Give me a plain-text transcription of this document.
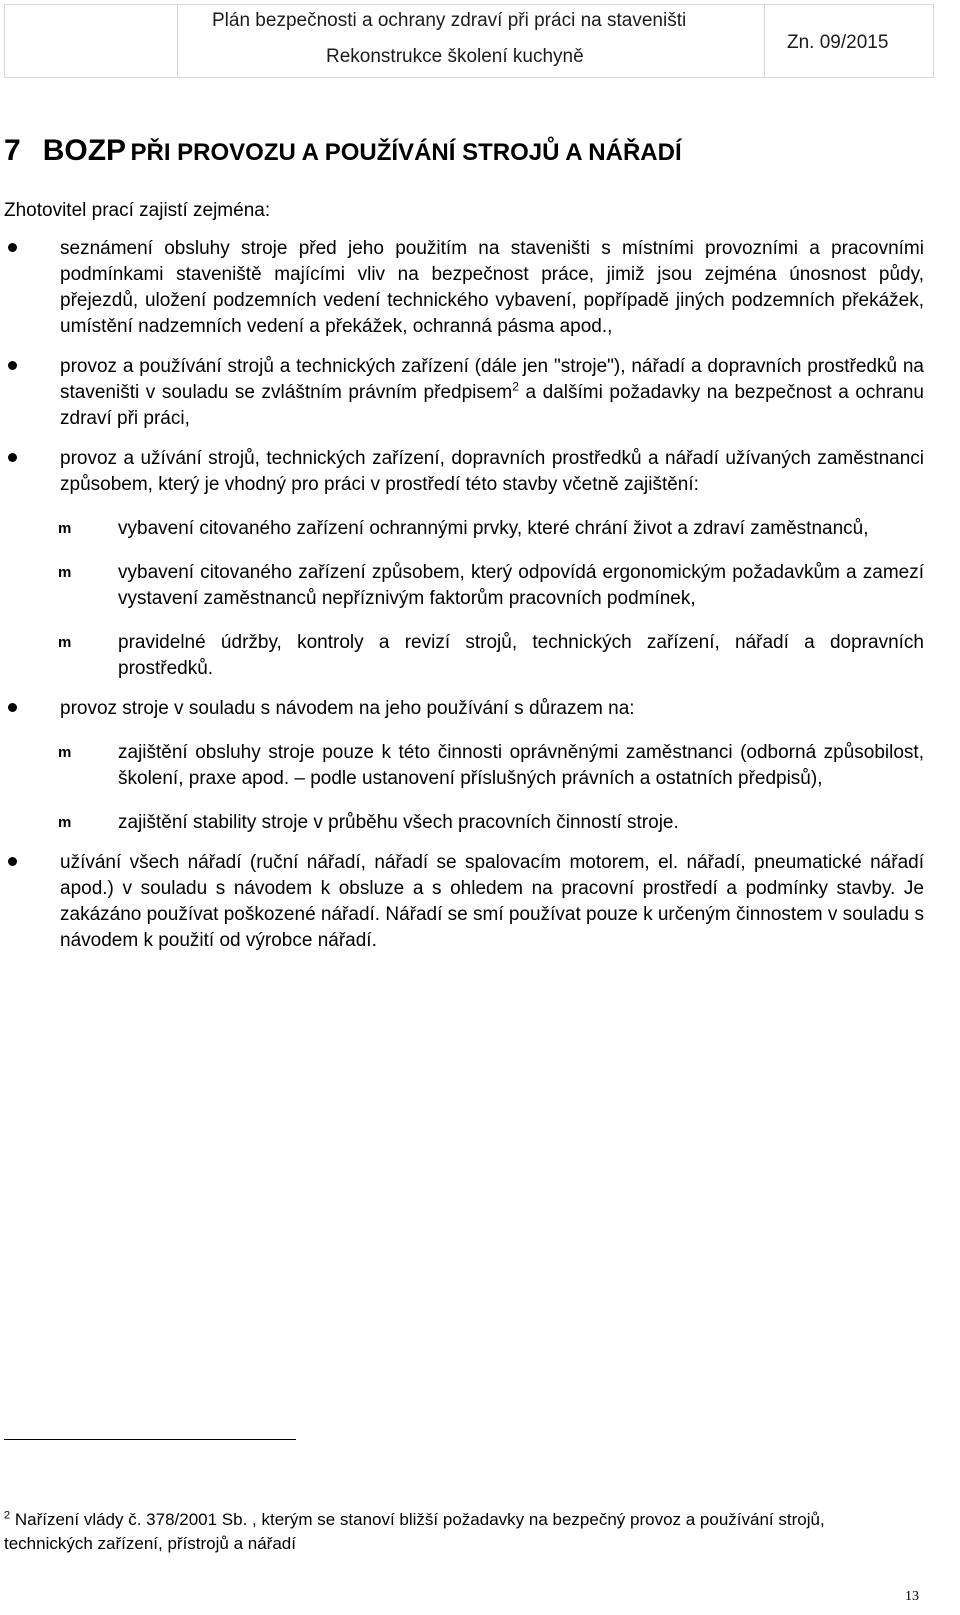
Plán bezpečnosti a ochrany zdraví při práci na staveništi
Rekonstrukce školení kuchyně
Zn. 09/2015
7 BOZP PŘI PROVOZU A POUŽÍVÁNÍ STROJŮ A NÁŘADÍ
Zhotovitel prací zajistí zejména:
seznámení obsluhy stroje před jeho použitím na staveništi s místními provozními a pracovními podmínkami staveniště majícími vliv na bezpečnost práce, jimiž jsou zejména únosnost půdy, přejezdů, uložení podzemních vedení technického vybavení, popřípadě jiných podzemních překážek, umístění nadzemních vedení a překážek, ochranná pásma apod.,
provoz a používání strojů a technických zařízení (dále jen "stroje"), nářadí a dopravních prostředků na staveništi v souladu se zvláštním právním předpisem$^2$ a dalšími požadavky na bezpečnost a ochranu zdraví při práci,
provoz a užívání strojů, technických zařízení, dopravních prostředků a nářadí užívaných zaměstnanci způsobem, který je vhodný pro práci v prostředí této stavby včetně zajištění:
m vybavení citovaného zařízení ochrannými prvky, které chrání život a zdraví zaměstnanců,
m vybavení citovaného zařízení způsobem, který odpovídá ergonomickým požadavkům a zamezí vystavení zaměstnanců nepříznivým faktorům pracovních podmínek,
m pravidelné údržby, kontroly a revizí strojů, technických zařízení, nářadí a dopravních prostředků.
provoz stroje v souladu s návodem na jeho používání s důrazem na:
m zajištění obsluhy stroje pouze k této činnosti oprávněnými zaměstnanci (odborná způsobilost, školení, praxe apod. – podle ustanovení příslušných právních a ostatních předpisů),
m zajištění stability stroje v průběhu všech pracovních činností stroje.
užívání všech nářadí (ruční nářadí, nářadí se spalovacím motorem, el. nářadí, pneumatické nářadí apod.) v souladu s návodem k obsluze a s ohledem na pracovní prostředí a podmínky stavby. Je zakázáno používat poškozené nářadí. Nářadí se smí používat pouze k určeným činnostem v souladu s návodem k použití od výrobce nářadí.
$^2$ Nařízení vlády č. 378/2001 Sb. , kterým se stanoví bližší požadavky na bezpečný provoz a používání strojů, technických zařízení, přístrojů a nářadí
13
